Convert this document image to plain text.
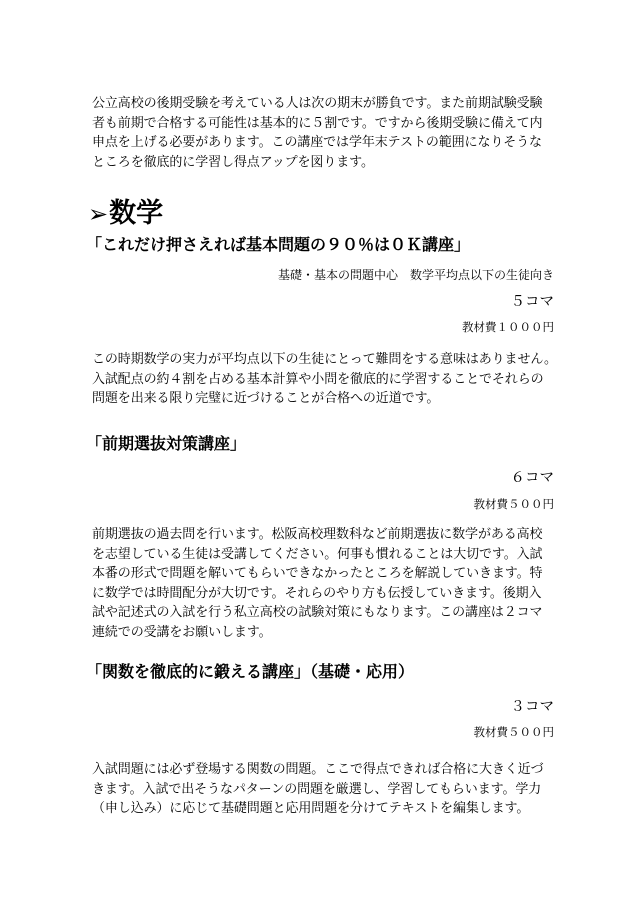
公立高校の後期受験を考えている人は次の期末が勝負です。また前期試験受験
者も前期で合格する可能性は基本的に５割です。ですから後期受験に備えて内
申点を上げる必要があります。この講座では学年末テストの範囲になりそうな
ところを徹底的に学習し得点アップを図ります。
➢数学
「これだけ押さえれば基本問題の９０％は０Ｋ講座」
基礎・基本の問題中心　数学平均点以下の生徒向き
５コマ
教材費１０００円
この時期数学の実力が平均点以下の生徒にとって難問をする意味はありません。
入試配点の約４割を占める基本計算や小問を徹底的に学習することでそれらの
問題を出来る限り完璧に近づけることが合格への近道です。
「前期選抜対策講座」
６コマ
教材費５００円
前期選抜の過去問を行います。松阪高校理数科など前期選抜に数学がある高校
を志望している生徒は受講してください。何事も慣れることは大切です。入試
本番の形式で問題を解いてもらいできなかったところを解説していきます。特
に数学では時間配分が大切です。それらのやり方も伝授していきます。後期入
試や記述式の入試を行う私立高校の試験対策にもなります。この講座は２コマ
連続での受講をお願いします。
「関数を徹底的に鍛える講座」（基礎・応用）
３コマ
教材費５００円
入試問題には必ず登場する関数の問題。ここで得点できれば合格に大きく近づ
きます。入試で出そうなパターンの問題を厳選し、学習してもらいます。学力
（申し込み）に応じて基礎問題と応用問題を分けてテキストを編集します。
